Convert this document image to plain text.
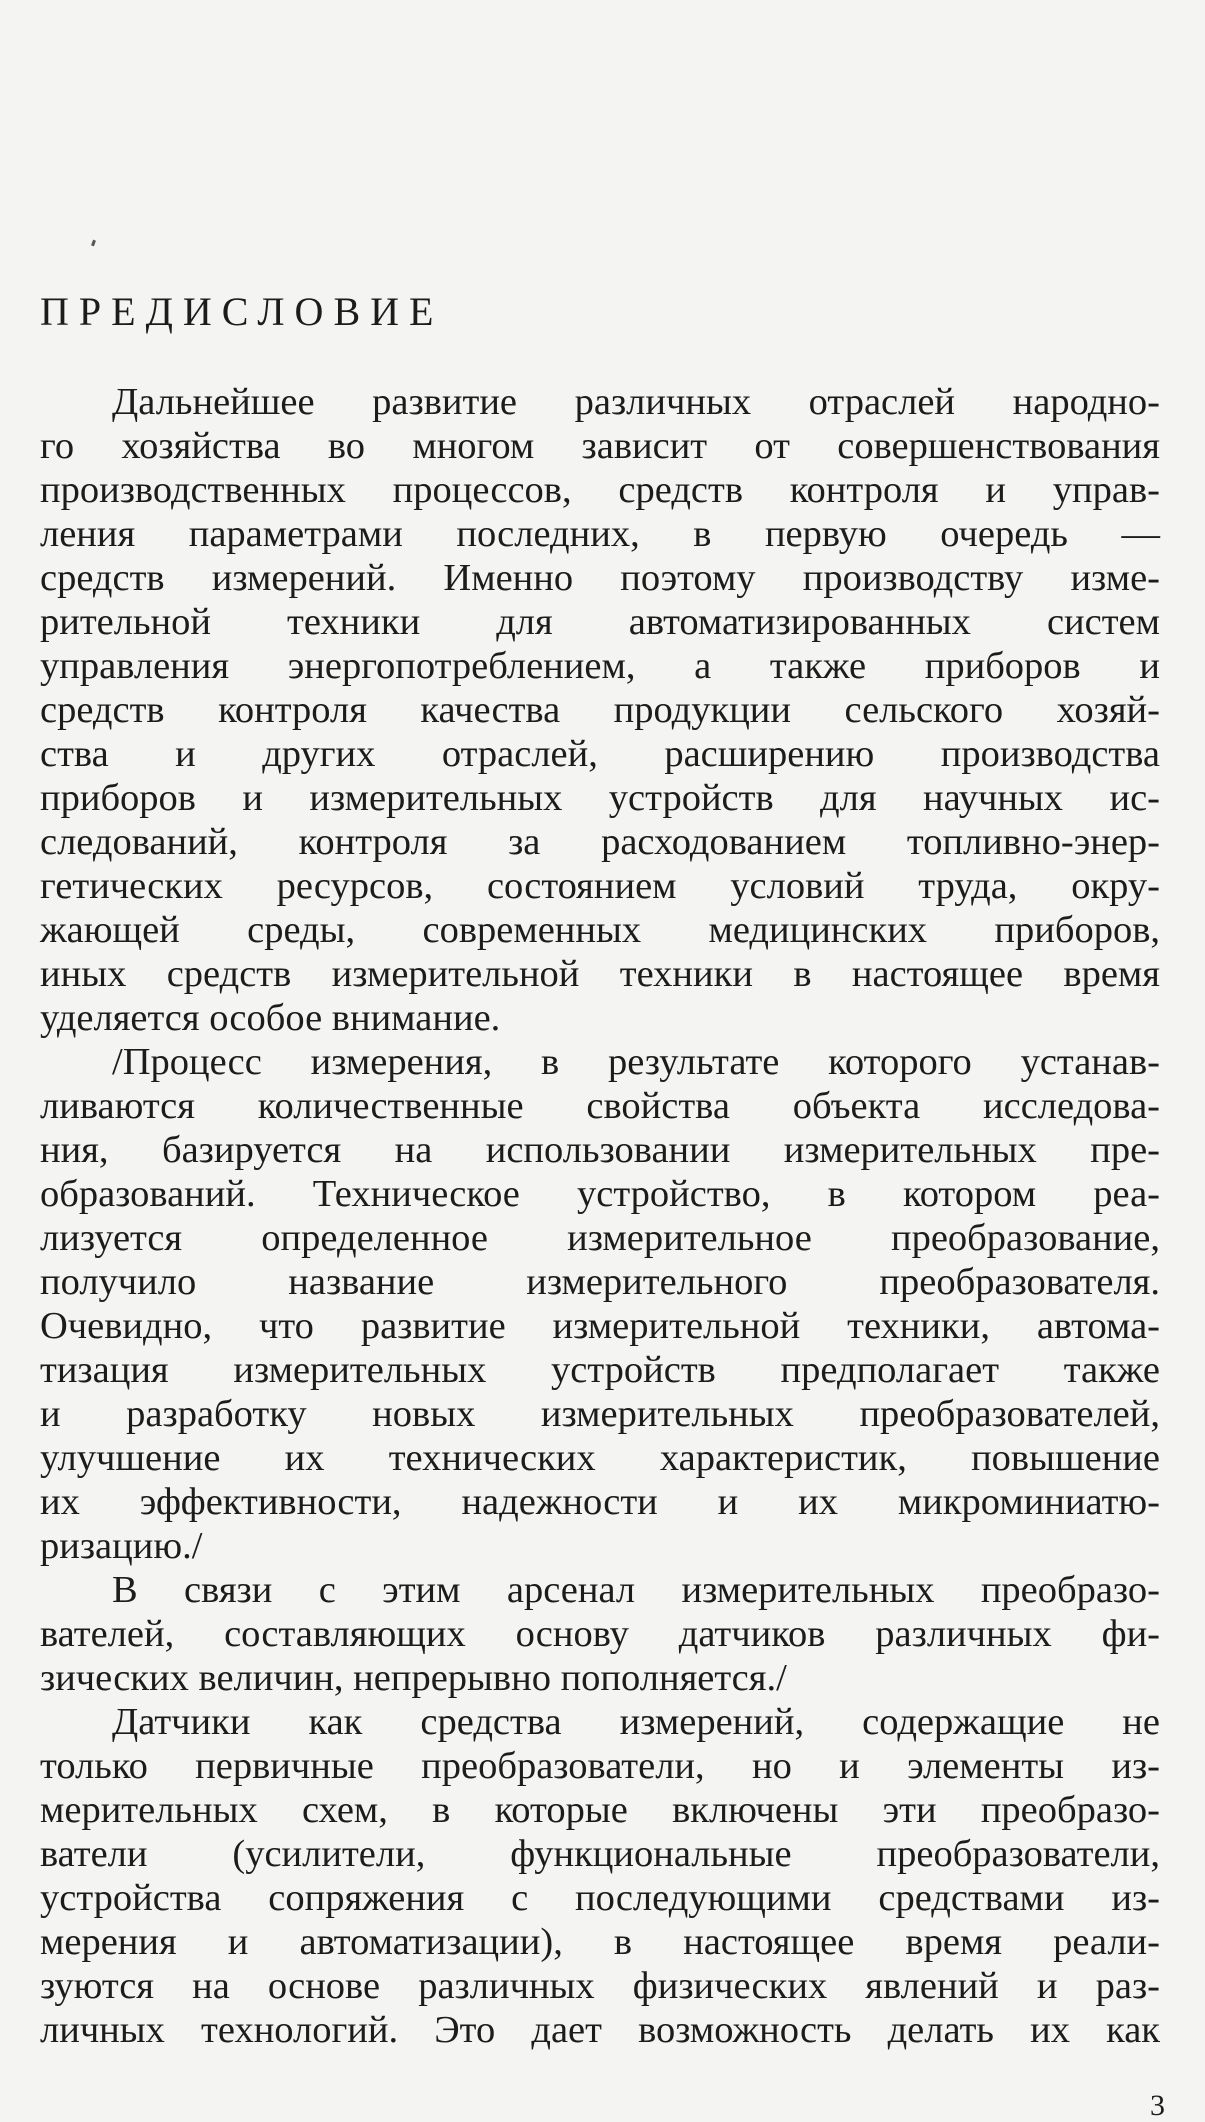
ПРЕДИСЛОВИЕ
Дальнейшее развитие различных отраслей народно-
го хозяйства во многом зависит от совершенствования
производственных процессов, средств контроля и управ-
ления параметрами последних, в первую очередь —
средств измерений. Именно поэтому производству изме-
рительной техники для автоматизированных систем
управления энергопотреблением, а также приборов и
средств контроля качества продукции сельского хозяй-
ства и других отраслей, расширению производства
приборов и измерительных устройств для научных ис-
следований, контроля за расходованием топливно-энер-
гетических ресурсов, состоянием условий труда, окру-
жающей среды, современных медицинских приборов,
иных средств измерительной техники в настоящее время
уделяется особое внимание.
/Процесс измерения, в результате которого устанав-
ливаются количественные свойства объекта исследова-
ния, базируется на использовании измерительных пре-
образований. Техническое устройство, в котором реа-
лизуется определенное измерительное преобразование,
получило название измерительного преобразователя.
Очевидно, что развитие измерительной техники, автома-
тизация измерительных устройств предполагает также
и разработку новых измерительных преобразователей,
улучшение их технических характеристик, повышение
их эффективности, надежности и их микроминиатю-
ризацию./
В связи с этим арсенал измерительных преобразо-
вателей, составляющих основу датчиков различных фи-
зических величин, непрерывно пополняется./
Датчики как средства измерений, содержащие не
только первичные преобразователи, но и элементы из-
мерительных схем, в которые включены эти преобразо-
ватели (усилители, функциональные преобразователи,
устройства сопряжения с последующими средствами из-
мерения и автоматизации), в настоящее время реали-
зуются на основе различных физических явлений и раз-
личных технологий. Это дает возможность делать их как
3
